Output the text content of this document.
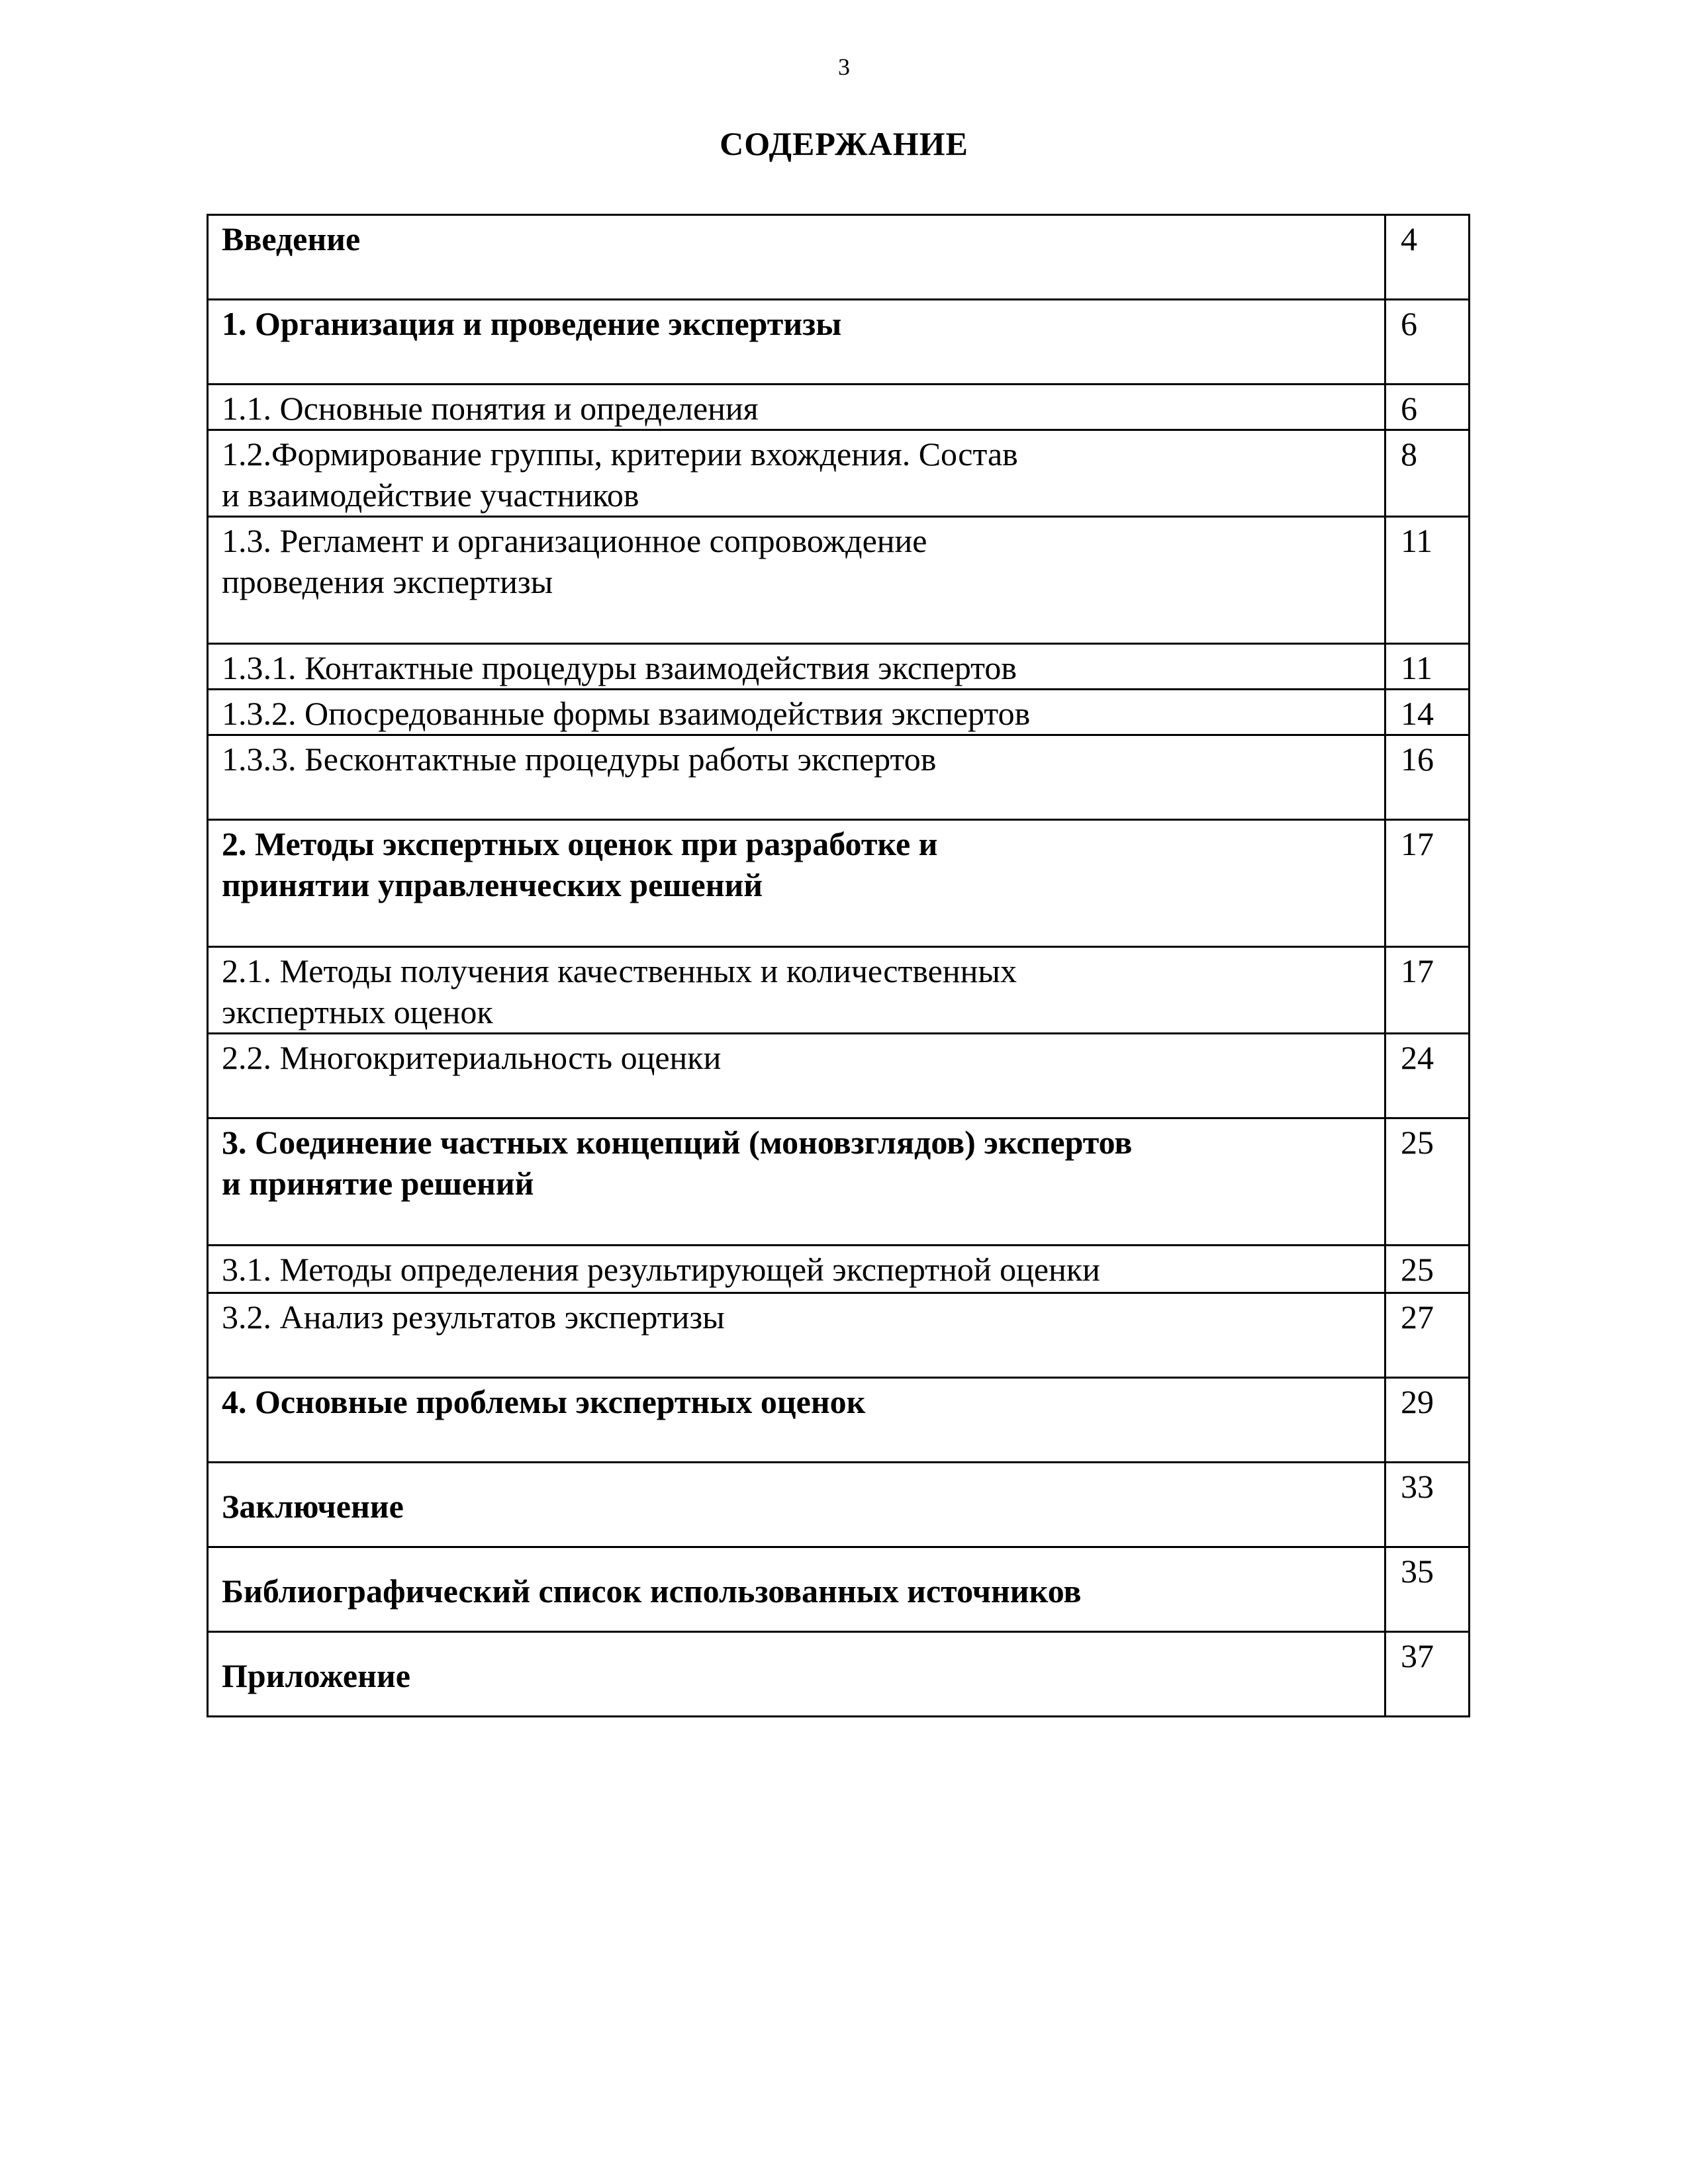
3
СОДЕРЖАНИЕ
Введение	4
1. Организация и проведение экспертизы	6
1.1. Основные понятия и определения	6
1.2.Формирование группы, критерии вхождения. Состав
и взаимодействие участников	8
1.3. Регламент и организационное сопровождение
проведения экспертизы	11
1.3.1. Контактные процедуры взаимодействия экспертов	11
1.3.2. Опосредованные формы взаимодействия экспертов	14
1.3.3. Бесконтактные процедуры работы экспертов	16
2. Методы экспертных оценок при разработке и
принятии управленческих решений	17
2.1. Методы получения качественных и количественных
экспертных оценок	17
2.2. Многокритериальность оценки	24
3. Соединение частных концепций (моновзглядов) экспертов
и принятие решений	25
3.1. Методы определения результирующей экспертной оценки	25
3.2. Анализ результатов экспертизы	27
4. Основные проблемы экспертных оценок	29
Заключение	33
Библиографический список использованных источников	35
Приложение	37
